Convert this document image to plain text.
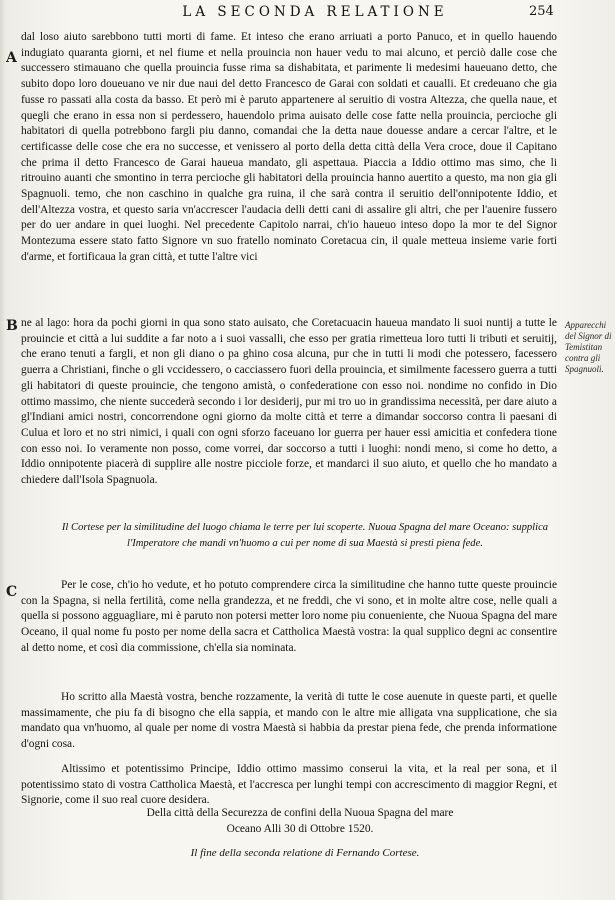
LA SECONDA RELATIONE	254
A
B
C

dal loso aiuto sarebbono tutti morti di fame. Et inteso che erano arriuati a porto Panuco, et in quello hauendo indugiato quaranta giorni, et nel fiume et nella prouincia non hauer vedu to mai alcuno, et perciò dalle cose che successero stimauano che quella prouincia fusse rima sa dishabitata, et parimente li medesimi haueuano detto, che subito dopo loro doueuano ve nir due naui del detto Francesco de Garai con soldati et caualli. Et credeuano che gia fusse ro passati alla costa da basso. Et però mi è paruto appartenere al seruitio di vostra Altezza, che quella naue, et quegli che erano in essa non si perdessero, hauendolo prima auisato delle cose fatte nella prouincia, percioche gli habitatori di quella potrebbono fargli piu danno, comandai che la detta naue douesse andare a cercar l'altre, et le certificasse delle cose che era no successe, et venissero al porto della detta città della Vera croce, doue il Capitano che prima il detto Francesco de Garai haueua mandato, gli aspettaua. Piaccia a Iddio ottimo mas simo, che li ritrouino auanti che smontino in terra percioche gli habitatori della prouincia hanno auertito a questo, ma non gia gli Spagnuoli. temo, che non caschino in qualche gra ruina, il che sarà contra il seruitio dell'onnipotente Iddio, et dell'Altezza vostra, et questo saria vn'accrescer l'audacia delli detti cani di assalire gli altri, che per l'auenire fussero per do uer andare in quei luoghi. Nel precedente Capitolo narrai, ch'io haueuo inteso dopo la mor te del Signor Montezuma essere stato fatto Signore vn suo fratello nominato Coretacua cin, il quale metteua insieme varie forti d'arme, et fortificaua la gran città, et tutte l'altre vici

ne al lago: hora da pochi giorni in qua sono stato auisato, che Coretacuacin haueua mandato li suoi nuntij a tutte le prouincie et città a lui suddite a far noto a i suoi vassalli, che esso per gratia rimetteua loro tutti li tributi et seruitij, che erano tenuti a fargli, et non gli diano o pa ghino cosa alcuna, pur che in tutti li modi che potessero, facessero guerra a Christiani, finche o gli vccidessero, o cacciassero fuori della prouincia, et similmente facessero guerra a tutti gli habitatori di queste prouincie, che tengono amistà, o confederatione con esso noi. nondime no confido in Dio ottimo massimo, che niente succederà secondo i lor desiderij, pur mi tro uo in grandissima necessità, per dare aiuto a gl'Indiani amici nostri, concorrendone ogni giorno da molte città et terre a dimandar soccorso contra li paesani di Culua et loro et no stri nimici, i quali con ogni sforzo faceuano lor guerra per hauer essi amicitia et confedera tione con esso noi. Io veramente non posso, come vorrei, dar soccorso a tutti i luoghi: nondi meno, si come ho detto, a Iddio onnipotente piacerà di supplire alle nostre picciole forze, et mandarci il suo aiuto, et quello che ho mandato a chiedere dall'Isola Spagnuola.

Apparecchi del Signor di Temistitan contra gli Spagnuoli.
Il Cortese per la similitudine del luogo chiama le terre per lui scoperte. Nuoua Spagna del mare Oceano: supplica l'Imperatore che mandi vn'huomo a cui per nome di sua Maestà si presti piena fede.

Per le cose, ch'io ho vedute, et ho potuto comprendere circa la similitudine che hanno tutte queste prouincie con la Spagna, si nella fertilità, come nella grandezza, et ne freddi, che vi sono, et in molte altre cose, nelle quali a quella si possono agguagliare, mi è paruto non potersi metter loro nome piu conueniente, che Nuoua Spagna del mare Oceano, il qual nome fu posto per nome della sacra et Cattholica Maestà vostra: la qual supplico degni ac consentire al detto nome, et così dia commissione, ch'ella sia nominata.

Ho scritto alla Maestà vostra, benche rozzamente, la verità di tutte le cose auenute in queste parti, et quelle massimamente, che piu fa di bisogno che ella sappia, et mando con le altre mie alligata vna supplicatione, che sia mandato qua vn'huomo, al quale per nome di vostra Maestà si habbia da prestar piena fede, che prenda informatione d'ogni cosa.

Altissimo et potentissimo Principe, Iddio ottimo massimo conserui la vita, et la real per sona, et il potentissimo stato di vostra Cattholica Maestà, et l'accresca per lunghi tempi con accrescimento di maggior Regni, et Signorie, come il suo real cuore desidera.

Della città della Securezza de confini della Nuoua Spagna del mare
Oceano Alli 30 di Ottobre 1520.
Il fine della seconda relatione di Fernando Cortese.
